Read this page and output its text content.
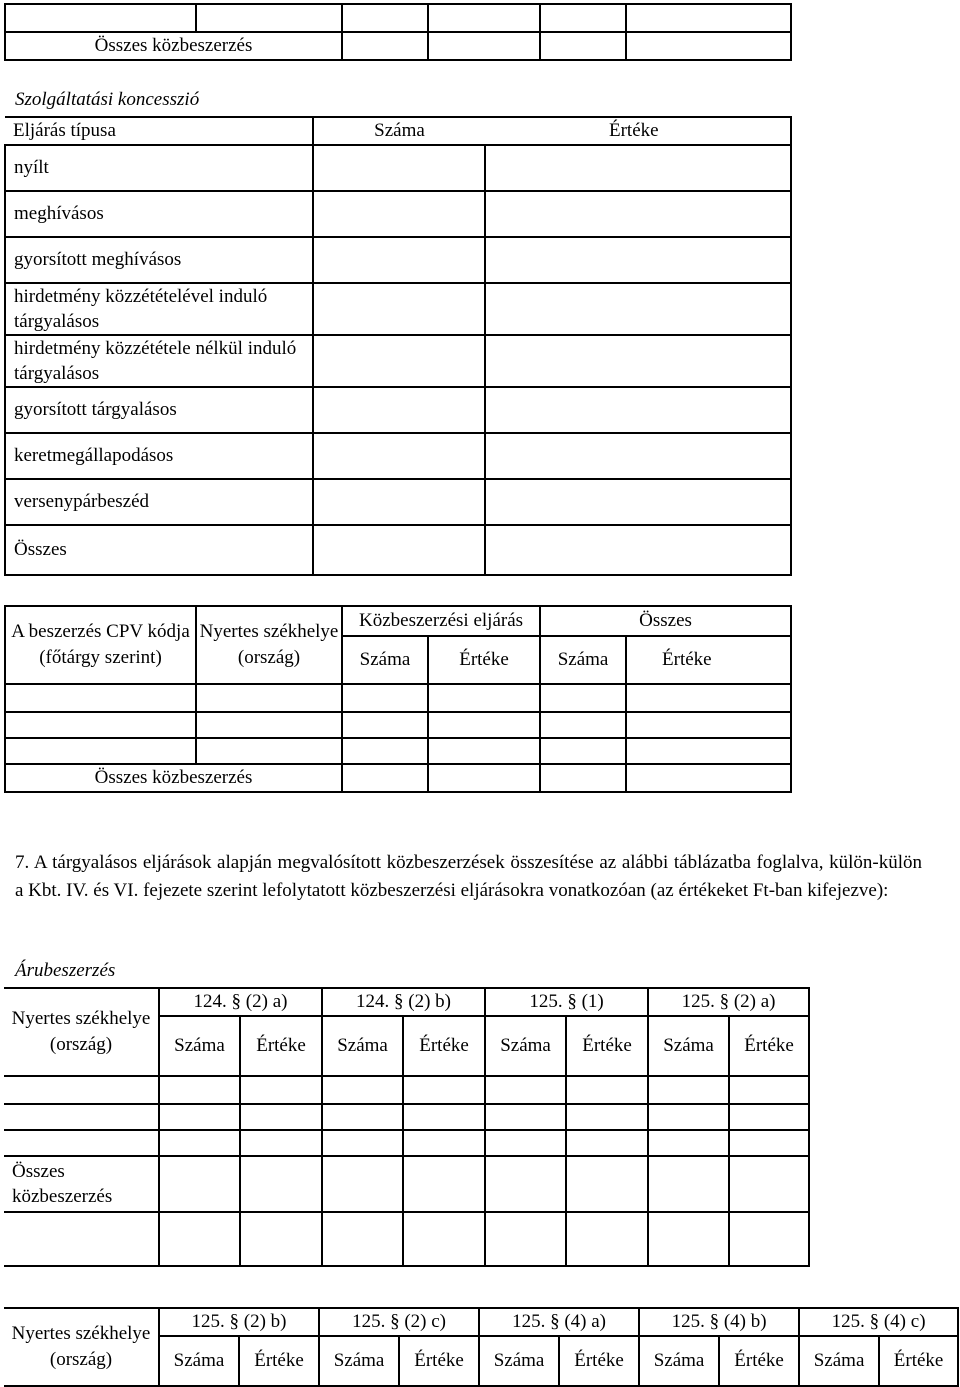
Összes közbeszerzés					
Szolgáltatási koncesszió
Eljárás típusa	Száma	Értéke
nyílt		
meghívásos		
gyorsított meghívásos		
hirdetmény közzétételével induló tárgyalásos		
hirdetmény közzététele nélkül induló tárgyalásos		
gyorsított tárgyalásos		
keretmegállapodásos		
versenypárbeszéd		
Összes		
A beszerzés CPV kódja (főtárgy szerint)	Nyertes székhelye (ország)	Közbeszerzési eljárás		Összes	
		Száma	Értéke	Száma	Értéke

Összes közbeszerzés					
7. A tárgyalásos eljárások alapján megvalósított közbeszerzések összesítése az alábbi táblázatba foglalva, külön-külön a Kbt. IV. és VI. fejezete szerint lefolytatott közbeszerzési eljárásokra vonatkozóan (az értékeket Ft-ban kifejezve):
Árubeszerzés
Nyertes székhelye (ország)	124. § (2) a)		124. § (2) b)		125. § (1)		125. § (2) a)	
	Száma	Értéke	Száma	Értéke	Száma	Értéke	Száma	Értéke

Összes közbeszerzés								

Nyertes székhelye (ország)	125. § (2) b)		125. § (2) c)		125. § (4) a)		125. § (4) b)		125. § (4) c)	
	Száma	Értéke	Száma	Értéke	Száma	Értéke	Száma	Értéke	Száma	Értéke
